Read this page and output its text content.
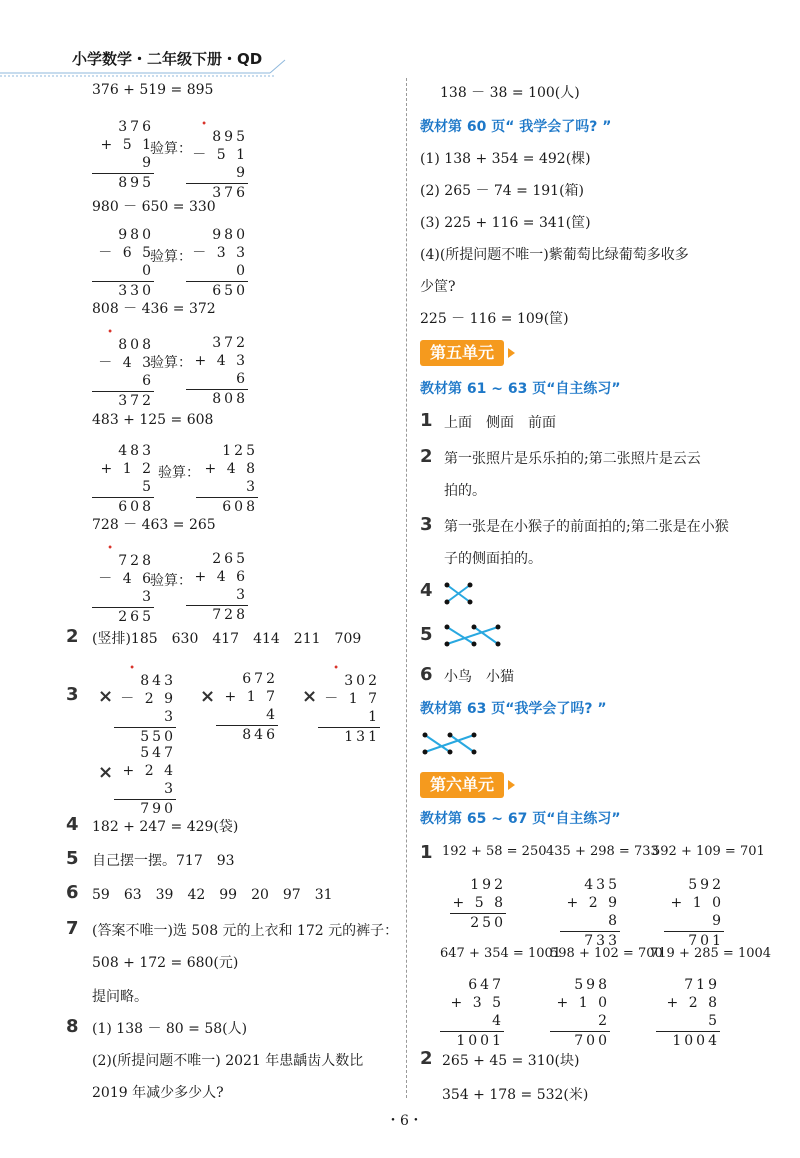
小学数学・二年级下册・QD
376 + 519 = 895
376
+ 5 1 9
895
验算：
•
895
－ 5 1 9
376
980 － 650 = 330
980
－ 6 5 0
330
验算：
980
－ 3 3 0
650
808 － 436 = 372
•
808
－ 4 3 6
372
验算：
372
+ 4 3 6
808
483 + 125 = 608
483
+ 1 2 5
608
验算：
125
+ 4 8 3
608
728 － 463 = 265
•
728
－ 4 6 3
265
验算：
265
+ 4 6 3
728
2 (竖排)185　630　417　414　211　709
3 ×
•
843
－ 2 9 3
550
×
672
+ 1 7 4
846
×
•
302
－ 1 7 1
131
×
547
+ 2 4 3
790
4 182 + 247 = 429(袋)
5 自己摆一摆。717　93
6 59　63　39　42　99　20　97　31
7 (答案不唯一)选 508 元的上衣和 172 元的裤子：
508 + 172 = 680(元)
提问略。
8 (1) 138 － 80 = 58(人)
(2)(所提问题不唯一) 2021 年患龋齿人数比
2019 年减少多少人?
138 － 38 = 100(人)
教材第 60 页“ 我学会了吗? ”
(1) 138 + 354 = 492(棵)
(2) 265 － 74 = 191(箱)
(3) 225 + 116 = 341(筐)
(4)(所提问题不唯一)紫葡萄比绿葡萄多收多
少筐?
225 － 116 = 109(筐)
第五单元
教材第 61 ~ 63 页“自主练习”
1 上面　侧面　前面
2 第一张照片是乐乐拍的;第二张照片是云云
拍的。
3 第一张是在小猴子的前面拍的;第二张是在小猴
子的侧面拍的。
4
5
6 小鸟　小猫
教材第 63 页“我学会了吗? ”
第六单元
教材第 65 ~ 67 页“自主练习”
1 192 + 58 = 250 435 + 298 = 733
592 + 109 = 701
192
+ 5 8
250
435
+ 2 9 8
733
592
+ 1 0 9
701
647 + 354 = 1001
598 + 102 = 700
719 + 285 = 1004
647
+ 3 5 4
1001
598
+ 1 0 2
700
719
+ 2 8 5
1004
2 265 + 45 = 310(块)
354 + 178 = 532(米)
・6・
